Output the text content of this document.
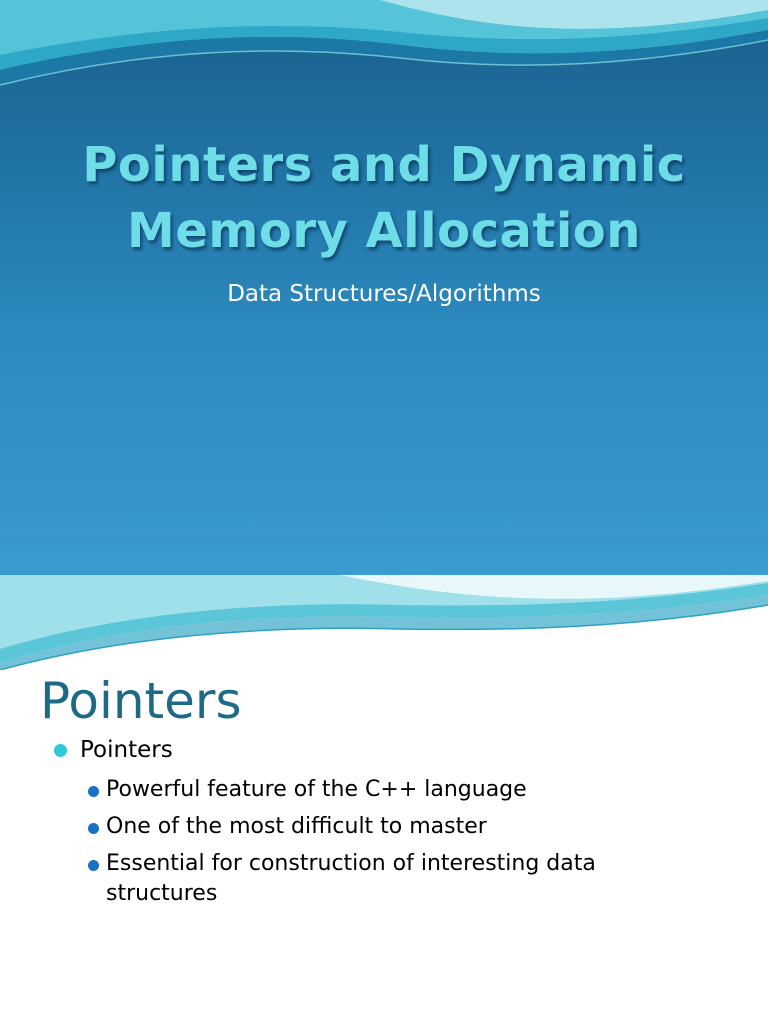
Pointers and Dynamic
Memory Allocation
Data Structures/Algorithms
Pointers
Pointers
Powerful feature of the C++ language
One of the most difficult to master
Essential for construction of interesting data structures
